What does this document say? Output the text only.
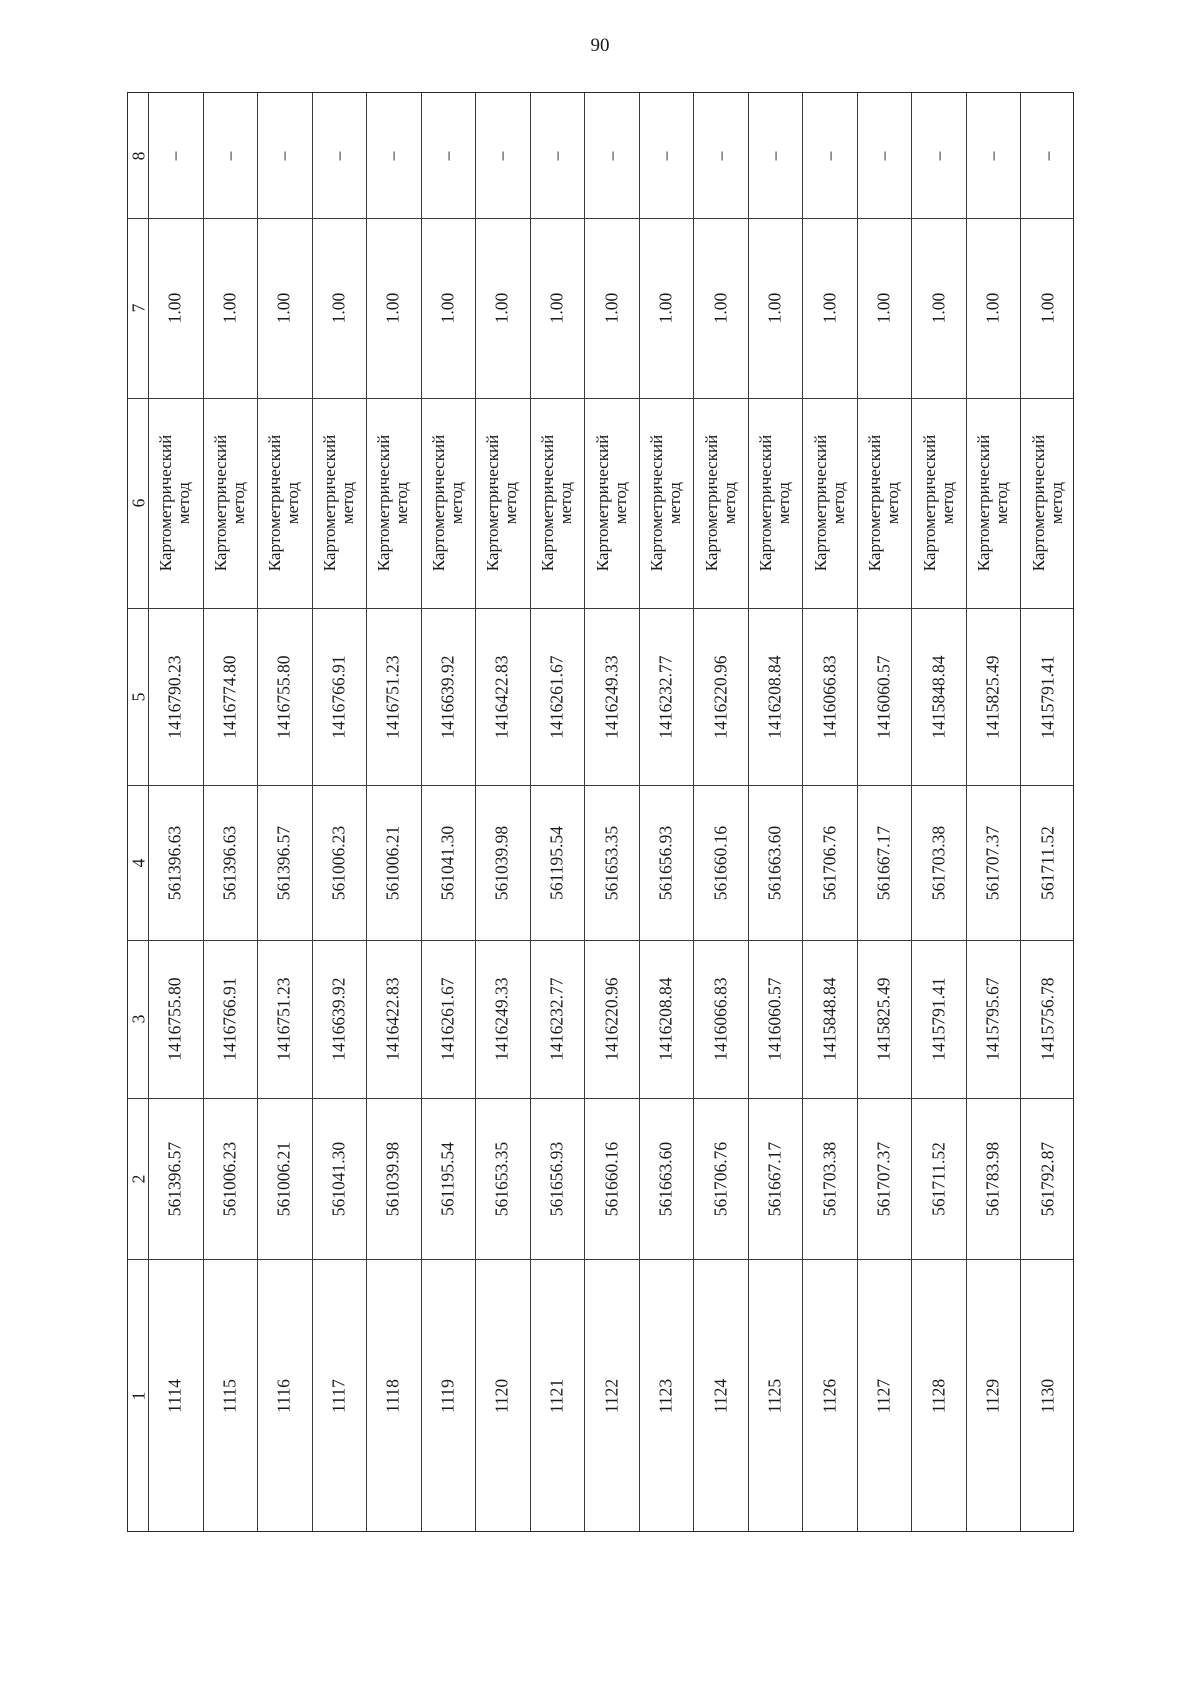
90
1
2
3
4
5
6
7
8
1114
561396.57
1416755.80
561396.63
1416790.23
Картометрический метод
1.00
–
1115
561006.23
1416766.91
561396.63
1416774.80
Картометрический метод
1.00
–
1116
561006.21
1416751.23
561396.57
1416755.80
Картометрический метод
1.00
–
1117
561041.30
1416639.92
561006.23
1416766.91
Картометрический метод
1.00
–
1118
561039.98
1416422.83
561006.21
1416751.23
Картометрический метод
1.00
–
1119
561195.54
1416261.67
561041.30
1416639.92
Картометрический метод
1.00
–
1120
561653.35
1416249.33
561039.98
1416422.83
Картометрический метод
1.00
–
1121
561656.93
1416232.77
561195.54
1416261.67
Картометрический метод
1.00
–
1122
561660.16
1416220.96
561653.35
1416249.33
Картометрический метод
1.00
–
1123
561663.60
1416208.84
561656.93
1416232.77
Картометрический метод
1.00
–
1124
561706.76
1416066.83
561660.16
1416220.96
Картометрический метод
1.00
–
1125
561667.17
1416060.57
561663.60
1416208.84
Картометрический метод
1.00
–
1126
561703.38
1415848.84
561706.76
1416066.83
Картометрический метод
1.00
–
1127
561707.37
1415825.49
561667.17
1416060.57
Картометрический метод
1.00
–
1128
561711.52
1415791.41
561703.38
1415848.84
Картометрический метод
1.00
–
1129
561783.98
1415795.67
561707.37
1415825.49
Картометрический метод
1.00
–
1130
561792.87
1415756.78
561711.52
1415791.41
Картометрический метод
1.00
–
